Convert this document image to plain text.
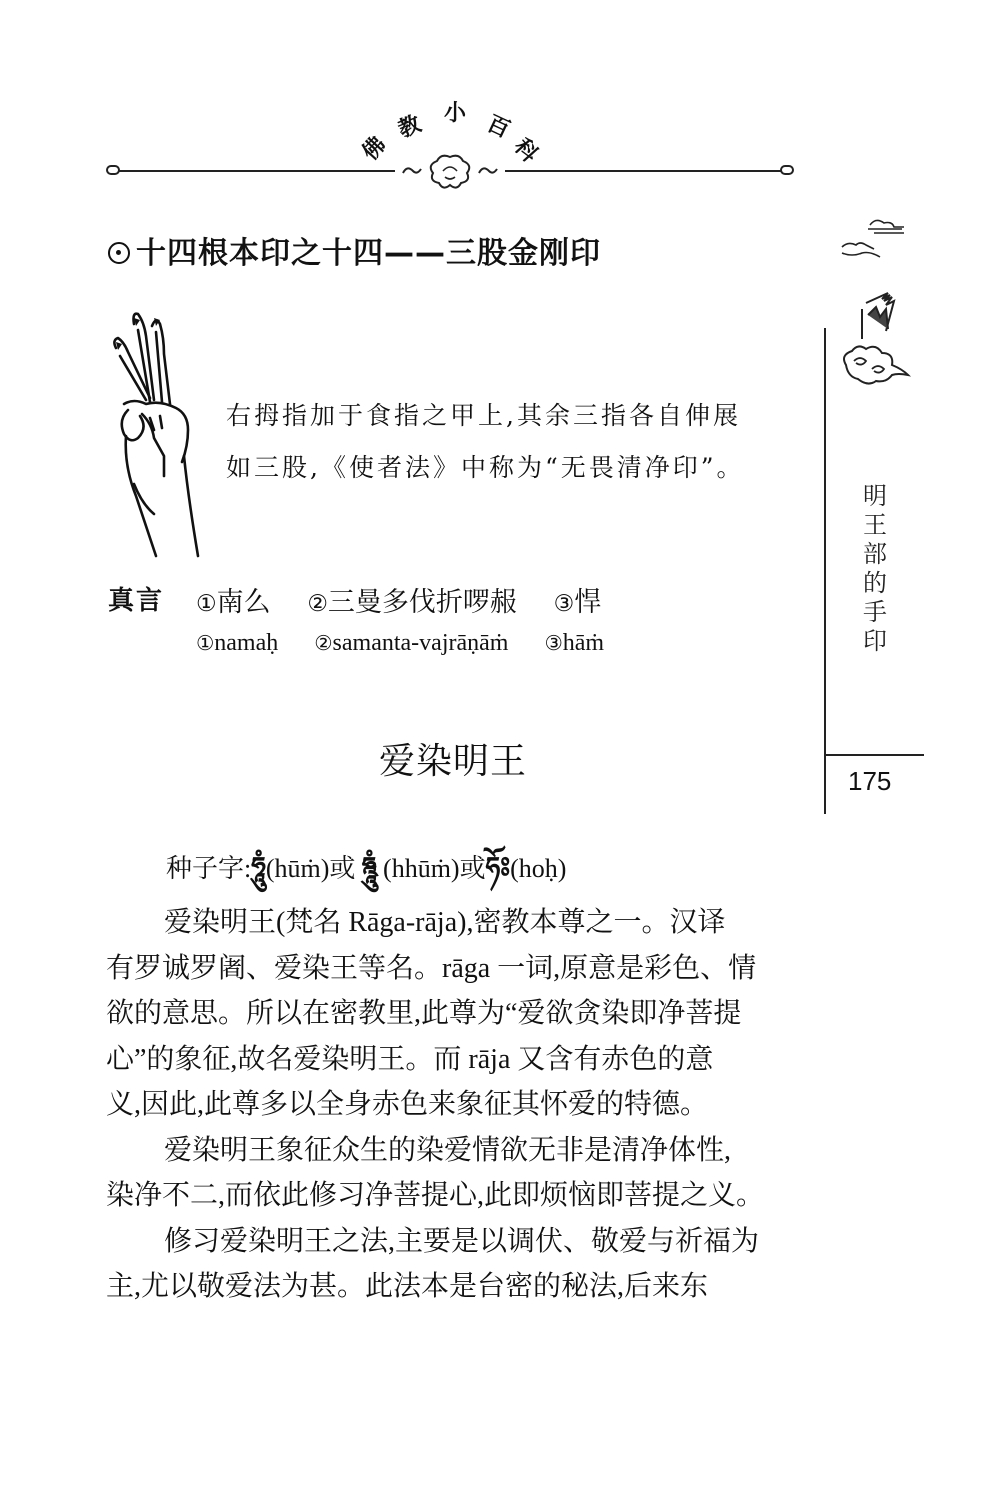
佛
教 小 百
科
明
王
部
的
手
印
175
十四根本印之十四——三股金刚印

右拇指加于食指之甲上,其余三指各自伸展

如三股,《使者法》中称为“无畏清净印”。

真言 ①南么 ②三曼多伐折啰赧 ③悍
①namaḥ ②samanta-vajrāṇāṁ ③hāṁ
爱染明王
种子字:ཧཱུཾ(hūṁ)或 ཧྰཱུཾ (hhūṁ)或ཧོཿ(hoḥ)

爱染明王(梵名 Rāga-rāja),密教本尊之一。汉译
有罗诚罗阇、爱染王等名。rāga 一词,原意是彩色、情
欲的意思。所以在密教里,此尊为“爱欲贪染即净菩提
心”的象征,故名爱染明王。而 rāja 又含有赤色的意
义,因此,此尊多以全身赤色来象征其怀爱的特德。

爱染明王象征众生的染爱情欲无非是清净体性,
染净不二,而依此修习净菩提心,此即烦恼即菩提之义。

修习爱染明王之法,主要是以调伏、敬爱与祈福为
主,尤以敬爱法为甚。此法本是台密的秘法,后来东
